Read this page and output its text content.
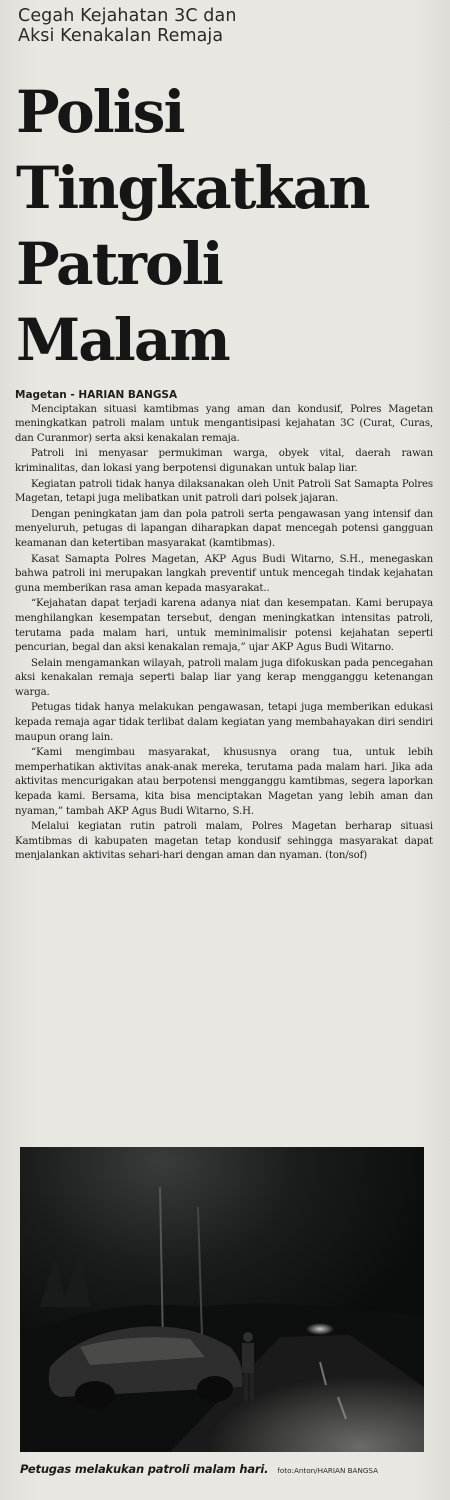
Cegah Kejahatan 3C dan
Aksi Kenakalan Remaja
Polisi
Tingkatkan
Patroli
Malam
Magetan - HARIAN BANGSA

Menciptakan situasi kamtibmas yang aman dan kondusif, Polres Magetan meningkatkan patroli malam untuk mengantisipasi kejahatan 3C (Curat, Curas, dan Curanmor) serta aksi kenakalan remaja.

Patroli ini menyasar permukiman warga, obyek vital, daerah rawan kriminalitas, dan lokasi yang berpotensi digunakan untuk balap liar.

Kegiatan patroli tidak hanya dilaksanakan oleh Unit Patroli Sat Samapta Polres Magetan, tetapi juga melibatkan unit patroli dari polsek jajaran.

Dengan peningkatan jam dan pola patroli serta pengawasan yang intensif dan menyeluruh, petugas di lapangan diharapkan dapat mencegah potensi gangguan keamanan dan ketertiban masyarakat (kamtibmas).

Kasat Samapta Polres Magetan, AKP Agus Budi Witarno, S.H., menegaskan bahwa patroli ini merupakan langkah preventif untuk mencegah tindak kejahatan guna memberikan rasa aman kepada masyarakat..

“Kejahatan dapat terjadi karena adanya niat dan kesempatan. Kami berupaya menghilangkan kesempatan tersebut, dengan meningkatkan intensitas patroli, terutama pada malam hari, untuk meminimalisir potensi kejahatan seperti pencurian, begal dan aksi kenakalan remaja,” ujar AKP Agus Budi Witarno.

Selain mengamankan wilayah, patroli malam juga difokuskan pada pencegahan aksi kenakalan remaja seperti balap liar yang kerap mengganggu ketenangan warga.

Petugas tidak hanya melakukan pengawasan, tetapi juga memberikan edukasi kepada remaja agar tidak terlibat dalam kegiatan yang membahayakan diri sendiri maupun orang lain.

“Kami mengimbau masyarakat, khususnya orang tua, untuk lebih memperhatikan aktivitas anak-anak mereka, terutama pada malam hari. Jika ada aktivitas mencurigakan atau berpotensi mengganggu kamtibmas, segera laporkan kepada kami. Bersama, kita bisa menciptakan Magetan yang lebih aman dan nyaman,” tambah AKP Agus Budi Witarno, S.H.

Melalui kegiatan rutin patroli malam, Polres Magetan berharap situasi Kamtibmas di kabupaten magetan tetap kondusif sehingga masyarakat dapat menjalankan aktivitas sehari-hari dengan aman dan nyaman. (ton/sof)

Petugas melakukan patroli malam hari. foto:Anton/HARIAN BANGSA
